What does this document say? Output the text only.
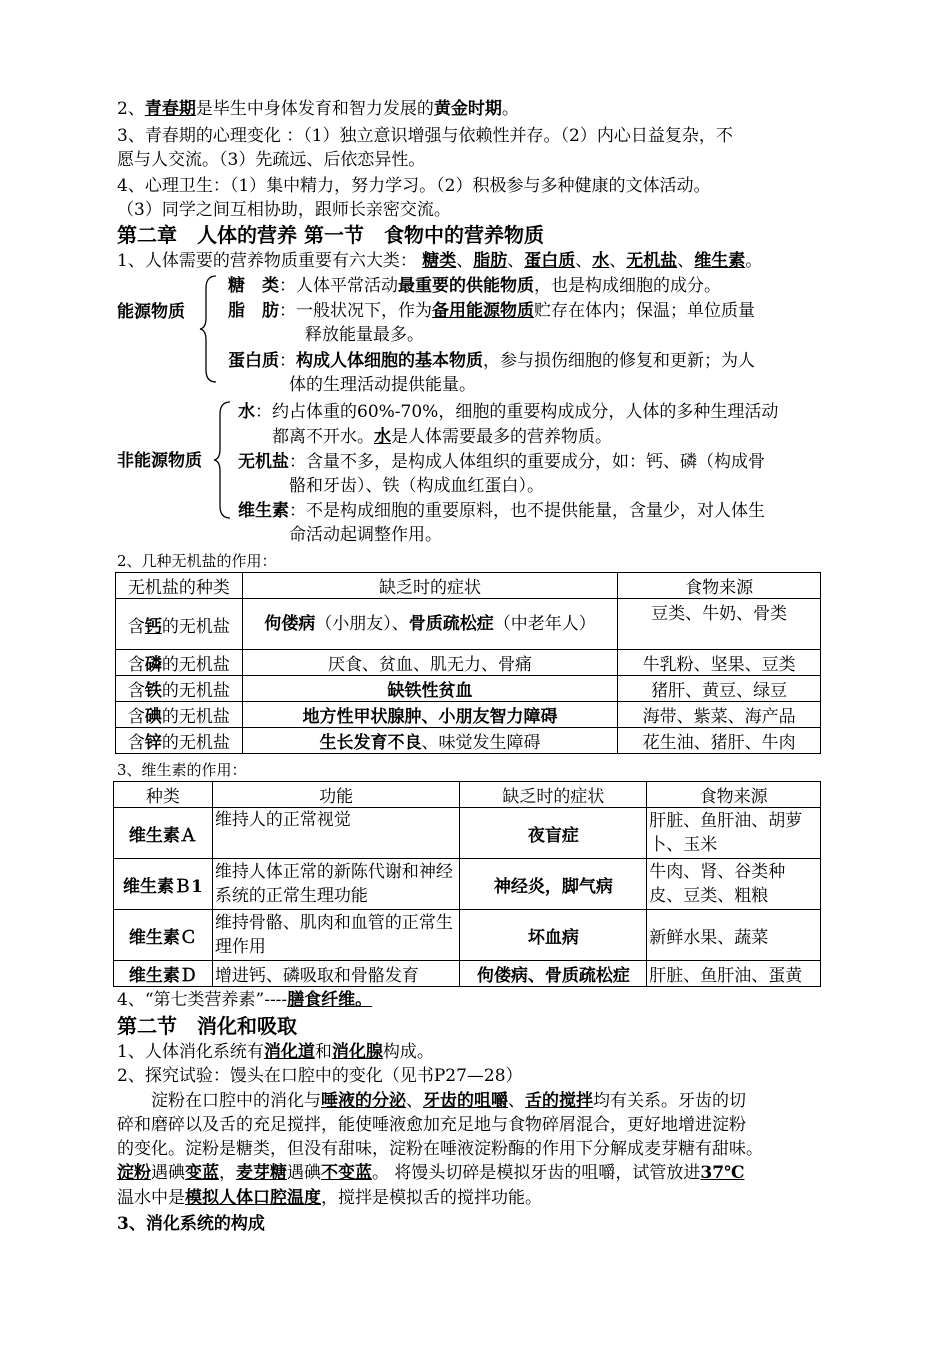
2、青春期是毕生中身体发育和智力发展的黄金时期。
3、青春期的心理变化 ：（1）独立意识增强与依赖性并存。（2）内心日益复杂，不
愿与人交流。（3）先疏远、后依恋异性。
4、心理卫生：（1）集中精力，努力学习。（2）积极参与多种健康的文体活动。
（3）同学之间互相协助，跟师长亲密交流。
第二章　人体的营养 第一节　食物中的营养物质
1、人体需要的营养物质重要有六大类： 糖类、脂肪、蛋白质、水、无机盐、维生素。
能源物质
糖　类：人体平常活动最重要的供能物质，也是构成细胞的成分。
脂　肪：一般状况下，作为备用能源物质贮存在体内；保温；单位质量
释放能量最多。
蛋白质：构成人体细胞的基本物质，参与损伤细胞的修复和更新；为人
体的生理活动提供能量。
非能源物质
水：约占体重的60%-70%，细胞的重要构成成分，人体的多种生理活动
都离不开水。水是人体需要最多的营养物质。
无机盐：含量不多，是构成人体组织的重要成分，如：钙、磷（构成骨
骼和牙齿）、铁（构成血红蛋白）。
维生素：不是构成细胞的重要原料，也不提供能量，含量少，对人体生
命活动起调整作用。
2、几种无机盐的作用：
无机盐的种类	缺乏时的症状	食物来源
含钙的无机盐	佝偻病（小朋友）、骨质疏松症（中老年人）	豆类、牛奶、骨类
含磷的无机盐	厌食、贫血、肌无力、骨痛	牛乳粉、坚果、豆类
含铁的无机盐	缺铁性贫血	猪肝、黄豆、绿豆
含碘的无机盐	地方性甲状腺肿、小朋友智力障碍	海带、紫菜、海产品
含锌的无机盐	生长发育不良、味觉发生障碍	花生油、猪肝、牛肉
3、维生素的作用：
种类	功能	缺乏时的症状	食物来源
维生素Ａ	维持人的正常视觉	夜盲症	肝脏、鱼肝油、胡萝卜、玉米
维生素Ｂ1	维持人体正常的新陈代谢和神经系统的正常生理功能	神经炎，脚气病	牛肉、肾、谷类种皮、豆类、粗粮
维生素Ｃ	维持骨骼、肌肉和血管的正常生理作用	坏血病	新鲜水果、蔬菜
维生素Ｄ	增进钙、磷吸取和骨骼发育	佝偻病、骨质疏松症	肝脏、鱼肝油、蛋黄
4、“第七类营养素”----膳食纤维。
第二节　消化和吸取
1、人体消化系统有消化道和消化腺构成。
2、探究试验：馒头在口腔中的变化（见书P27—28）
淀粉在口腔中的消化与唾液的分泌、牙齿的咀嚼、舌的搅拌均有关系。牙齿的切
碎和磨碎以及舌的充足搅拌，能使唾液愈加充足地与食物碎屑混合，更好地增进淀粉
的变化。淀粉是糖类，但没有甜味，淀粉在唾液淀粉酶的作用下分解成麦芽糖有甜味。
淀粉遇碘变蓝，麦芽糖遇碘不变蓝。 将馒头切碎是模拟牙齿的咀嚼，试管放进37℃
温水中是模拟人体口腔温度，搅拌是模拟舌的搅拌功能。
3、消化系统的构成
